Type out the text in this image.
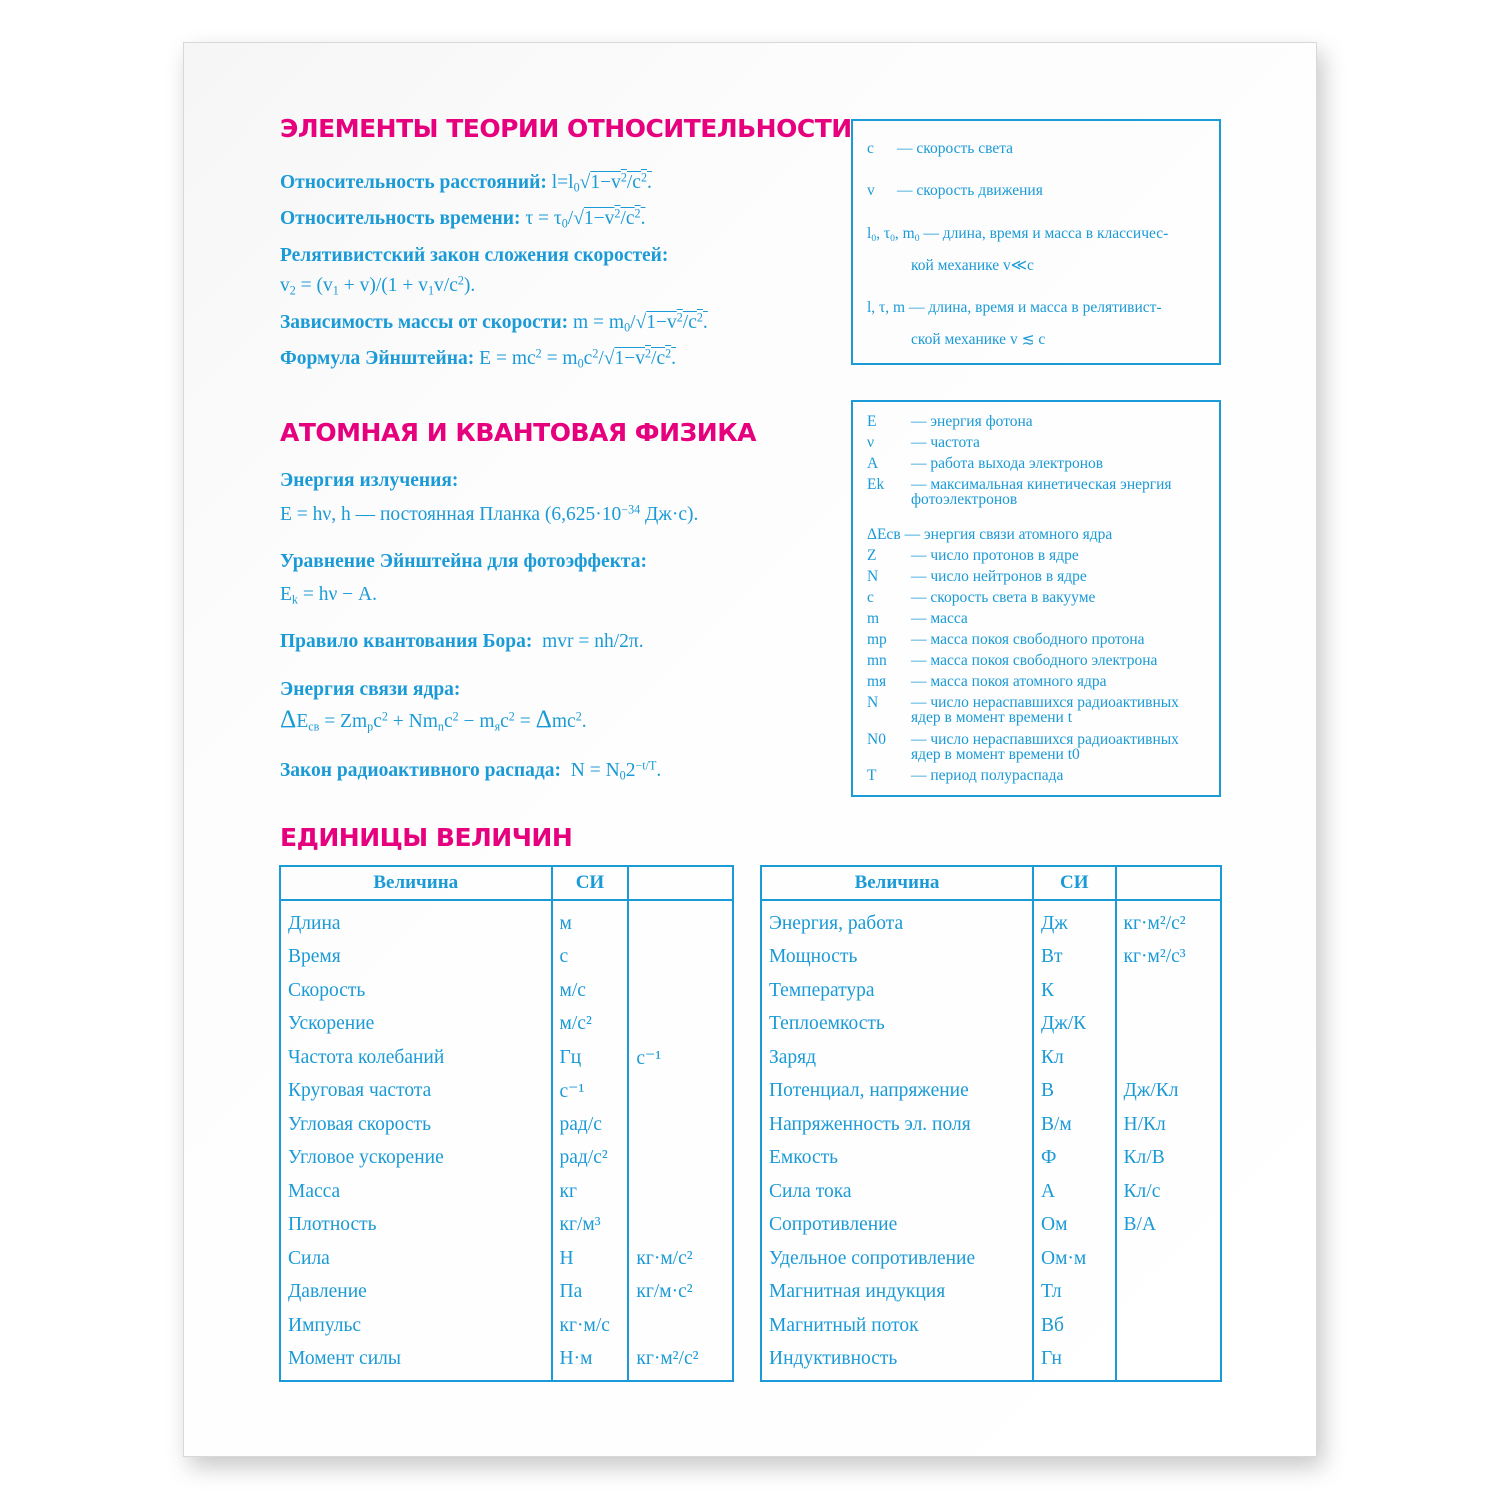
ЭЛЕМЕНТЫ ТЕОРИИ ОТНОСИТЕЛЬНОСТИ
Относительность расстояний: $l=l_0√1-v^2/c^2$.
Относительность времени: $\tau = \tau_0/√1-v^2/c^2$.
Релятивистский закон сложения скоростей:
$v_2 = (v_1 + v)/(1 + v_1v/c^2)$.
Зависимость массы от скорости: $m = m_0/√1-v^2/c^2$.
Формула Эйнштейна: $E = mc^2 = m_0c^2/√1-v^2/c^2$.
c — скорость света
v — скорость движения
$l_0$, $\tau_0$, $m_0$ — длина, время и масса в классичес-
кой механике v≪c
l, τ, m — длина, время и масса в релятивист-
ской механике v ≲ c
АТОМНАЯ И КВАНТОВАЯ ФИЗИКА
Энергия излучения:
E = hν, h — постоянная Планка ($6,625\cdot 10^{-34}$ Дж·с).
Уравнение Эйнштейна для фотоэффекта:
$E_k = h\nu - A$.
Правило квантования Бора: mvr = nh/2π.
Энергия связи ядра:
$\Delta E_{св} = Zm_pc^2 + Nm_nc^2 - m_яc^2 = \Delta mc^2$.
Закон радиоактивного распада: $N = N_02^{-t/T}$.
E — энергия фотона
ν — частота
A — работа выхода электронов
Ek — максимальная кинетическая энергия
фотоэлектронов
ΔEсв — энергия связи атомного ядра
Z — число протонов в ядре
N — число нейтронов в ядре
c — скорость света в вакууме
m — масса
mp — масса покоя свободного протона
mn — масса покоя свободного электрона
mя — масса покоя атомного ядра
N — число нераспавшихся радиоактивных
ядер в момент времени t
N0 — число нераспавшихся радиоактивных
ядер в момент времени t0
T — период полураспада
ЕДИНИЦЫ ВЕЛИЧИН
Величина	СИ	
Длина	м	
Время	с	
Скорость	м/с	
Ускорение	м/с²	
Частота колебаний	Гц	с⁻¹
Круговая частота	с⁻¹	
Угловая скорость	рад/с	
Угловое ускорение	рад/с²	
Масса	кг	
Плотность	кг/м³	
Сила	Н	кг·м/с²
Давление	Па	кг/м·с²
Импульс	кг·м/с	
Момент силы	Н·м	кг·м²/с²
Величина	СИ	
Энергия, работа	Дж	кг·м²/с²
Мощность	Вт	кг·м²/с³
Температура	К	
Теплоемкость	Дж/К	
Заряд	Кл	
Потенциал, напряжение	В	Дж/Кл
Напряженность эл. поля	В/м	Н/Кл
Емкость	Ф	Кл/В
Сила тока	А	Кл/с
Сопротивление	Ом	В/А
Удельное сопротивление	Ом·м	
Магнитная индукция	Тл	
Магнитный поток	Вб	
Индуктивность	Гн	
